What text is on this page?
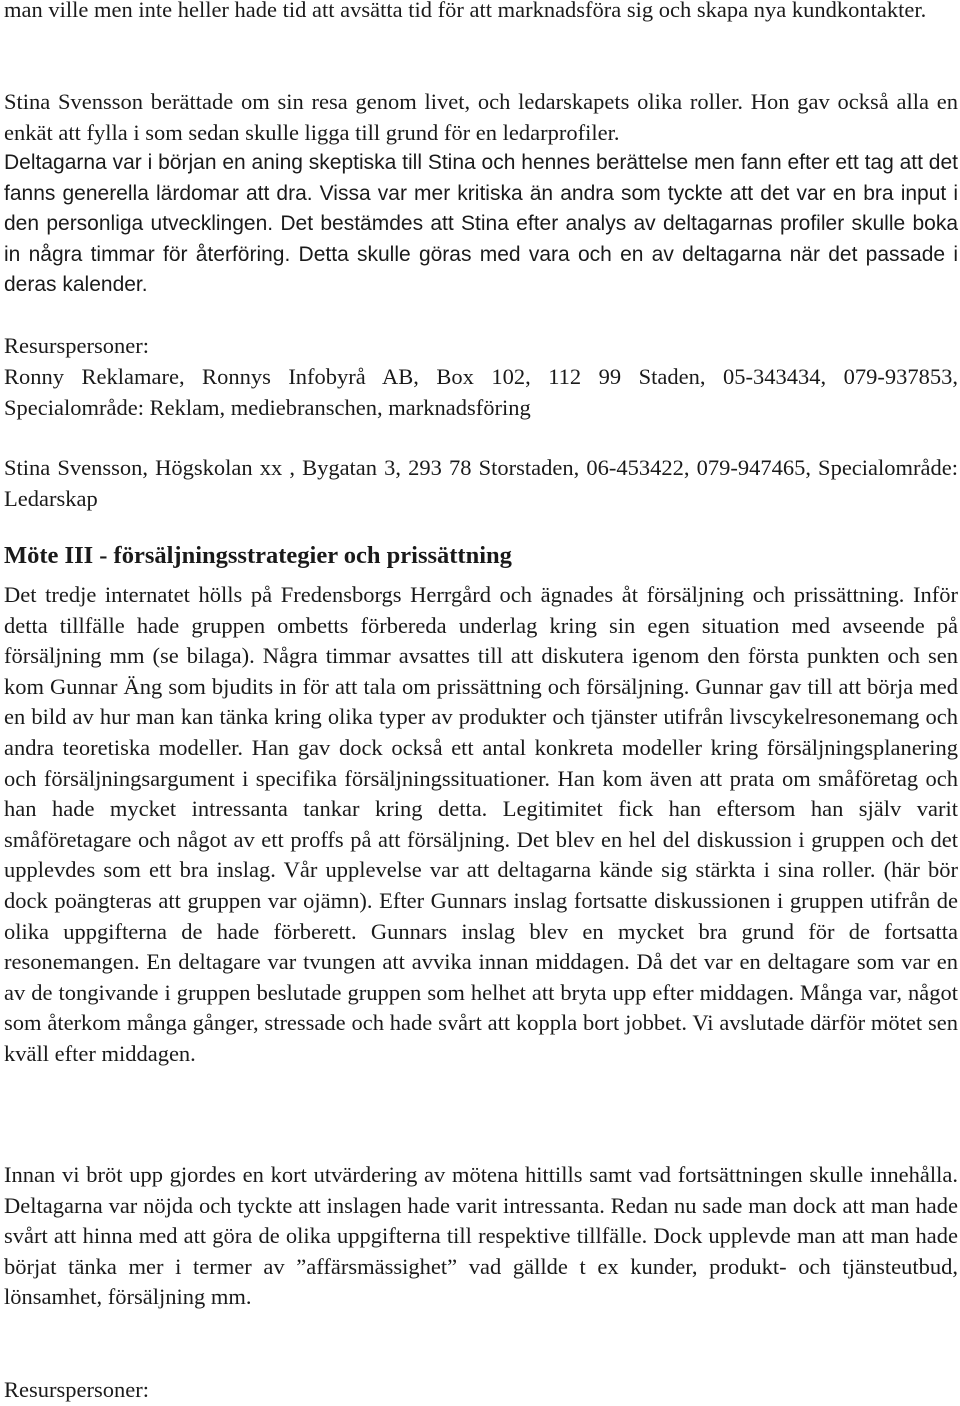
man ville men inte heller hade tid att avsätta tid för att marknadsföra sig och skapa nya kundkontakter.

Stina Svensson berättade om sin resa genom livet, och ledarskapets olika roller. Hon gav också alla en enkät att fylla i som sedan skulle ligga till grund för en ledarprofiler.

Deltagarna var i början en aning skeptiska till Stina och hennes berättelse men fann efter ett tag att det fanns generella lärdomar att dra. Vissa var mer kritiska än andra som tyckte att det var en bra input i den personliga utvecklingen. Det bestämdes att Stina efter analys av deltagarnas profiler skulle boka in några timmar för återföring. Detta skulle göras med vara och en av deltagarna när det passade i deras kalender.

Resurspersoner:

Ronny Reklamare, Ronnys Infobyrå AB, Box 102, 112 99 Staden, 05-343434, 079-937853, Specialområde: Reklam, mediebranschen, marknadsföring

Stina Svensson, Högskolan xx , Bygatan 3, 293 78 Storstaden, 06-453422, 079-947465, Specialområde: Ledarskap

Möte III - försäljningsstrategier och prissättning

Det tredje internatet hölls på Fredensborgs Herrgård och ägnades åt försäljning och prissättning. Inför detta tillfälle hade gruppen ombetts förbereda underlag kring sin egen situation med avseende på försäljning mm (se bilaga). Några timmar avsattes till att diskutera igenom den första punkten och sen kom Gunnar Äng som bjudits in för att tala om prissättning och försäljning. Gunnar gav till att börja med en bild av hur man kan tänka kring olika typer av produkter och tjänster utifrån livscykelresonemang och andra teoretiska modeller. Han gav dock också ett antal konkreta modeller kring försäljningsplanering och försäljningsargument i specifika försäljningssituationer. Han kom även att prata om småföretag och han hade mycket intressanta tankar kring detta. Legitimitet fick han eftersom han själv varit småföretagare och något av ett proffs på att försäljning. Det blev en hel del diskussion i gruppen och det upplevdes som ett bra inslag. Vår upplevelse var att deltagarna kände sig stärkta i sina roller. (här bör dock poängteras att gruppen var ojämn). Efter Gunnars inslag fortsatte diskussionen i gruppen utifrån de olika uppgifterna de hade förberett. Gunnars inslag blev en mycket bra grund för de fortsatta resonemangen. En deltagare var tvungen att avvika innan middagen. Då det var en deltagare som var en av de tongivande i gruppen beslutade gruppen som helhet att bryta upp efter middagen. Många var, något som återkom många gånger, stressade och hade svårt att koppla bort jobbet. Vi avslutade därför mötet sen kväll efter middagen.

Innan vi bröt upp gjordes en kort utvärdering av mötena hittills samt vad fortsättningen skulle innehålla. Deltagarna var nöjda och tyckte att inslagen hade varit intressanta. Redan nu sade man dock att man hade svårt att hinna med att göra de olika uppgifterna till respektive tillfälle. Dock upplevde man att man hade börjat tänka mer i termer av ”affärsmässighet” vad gällde t ex kunder, produkt- och tjänsteutbud, lönsamhet, försäljning mm.

Resurspersoner:
